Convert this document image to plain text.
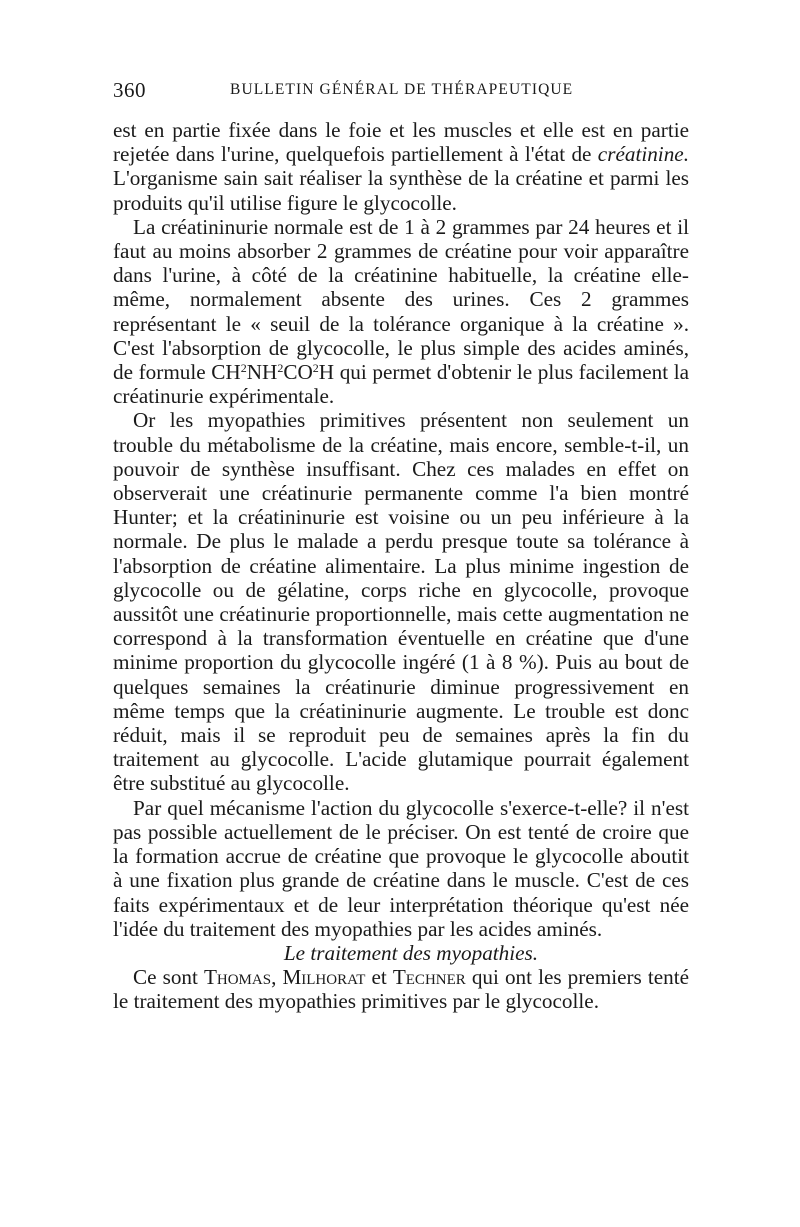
360	BULLETIN GÉNÉRAL DE THÉRAPEUTIQUE

est en partie fixée dans le foie et les muscles et elle est en partie rejetée dans l'urine, quelquefois partiellement à l'état de créatinine. L'organisme sain sait réaliser la synthèse de la créatine et parmi les produits qu'il utilise figure le glycocolle.

La créatininurie normale est de 1 à 2 grammes par 24 heures et il faut au moins absorber 2 grammes de créatine pour voir apparaître dans l'urine, à côté de la créatinine habituelle, la créatine elle-même, normalement absente des urines. Ces 2 grammes représentant le « seuil de la tolérance organique à la créatine ». C'est l'absorption de glycocolle, le plus simple des acides aminés, de formule $CH^2NH^2CO^2H$ qui permet d'obtenir le plus facilement la créatinurie expérimentale.

Or les myopathies primitives présentent non seulement un trouble du métabolisme de la créatine, mais encore, semble-t-il, un pouvoir de synthèse insuffisant. Chez ces malades en effet on observerait une créatinurie permanente comme l'a bien montré Hunter; et la créatininurie est voisine ou un peu inférieure à la normale. De plus le malade a perdu presque toute sa tolérance à l'absorption de créatine alimentaire. La plus minime ingestion de glycocolle ou de gélatine, corps riche en glycocolle, provoque aussitôt une créatinurie proportionnelle, mais cette augmentation ne correspond à la transformation éventuelle en créatine que d'une minime proportion du glycocolle ingéré (1 à 8 %). Puis au bout de quelques semaines la créatinurie diminue progressivement en même temps que la créatininurie augmente. Le trouble est donc réduit, mais il se reproduit peu de semaines après la fin du traitement au glycocolle. L'acide glutamique pourrait également être substitué au glycocolle.

Par quel mécanisme l'action du glycocolle s'exerce-t-elle? il n'est pas possible actuellement de le préciser. On est tenté de croire que la formation accrue de créatine que provoque le glycocolle aboutit à une fixation plus grande de créatine dans le muscle. C'est de ces faits expérimentaux et de leur interprétation théorique qu'est née l'idée du traitement des myopathies par les acides aminés.

Le traitement des myopathies.

Ce sont Thomas, Milhorat et Techner qui ont les premiers tenté le traitement des myopathies primitives par le glycocolle.
